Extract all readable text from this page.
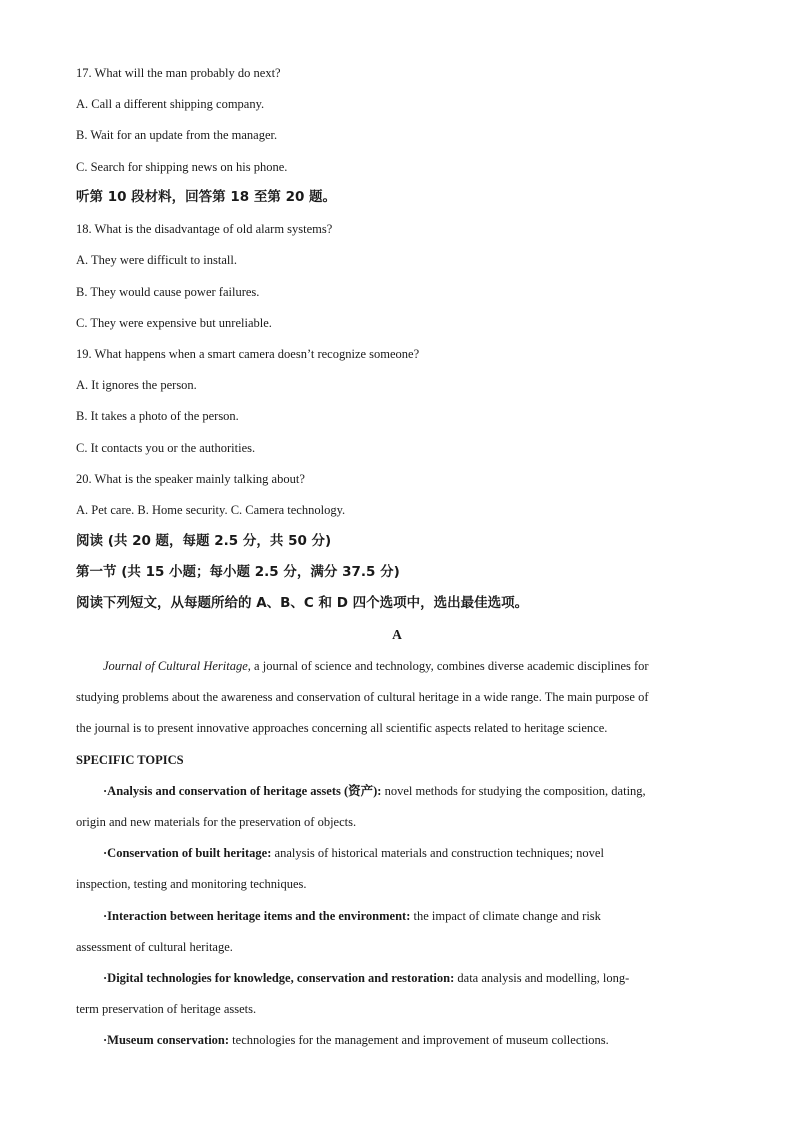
17. What will the man probably do next?
A. Call a different shipping company.
B. Wait for an update from the manager.
C. Search for shipping news on his phone.
听第 10 段材料，回答第 18 至第 20 题。
18. What is the disadvantage of old alarm systems?
A. They were difficult to install.
B. They would cause power failures.
C. They were expensive but unreliable.
19. What happens when a smart camera doesn’t recognize someone?
A. It ignores the person.
B. It takes a photo of the person.
C. It contacts you or the authorities.
20. What is the speaker mainly talking about?
A. Pet care. B. Home security. C. Camera technology.
阅读 (共 20 题，每题 2.5 分，共 50 分)
第一节 (共 15 小题；每小题 2.5 分，满分 37.5 分)
阅读下列短文，从每题所给的 A、B、C 和 D 四个选项中，选出最佳选项。
A
Journal of Cultural Heritage, a journal of science and technology, combines diverse academic disciplines for
studying problems about the awareness and conservation of cultural heritage in a wide range. The main purpose of
the journal is to present innovative approaches concerning all scientific aspects related to heritage science.
SPECIFIC TOPICS
·Analysis and conservation of heritage assets (资产): novel methods for studying the composition, dating,
origin and new materials for the preservation of objects.
·Conservation of built heritage: analysis of historical materials and construction techniques; novel
inspection, testing and monitoring techniques.
·Interaction between heritage items and the environment: the impact of climate change and risk
assessment of cultural heritage.
·Digital technologies for knowledge, conservation and restoration: data analysis and modelling, long-
term preservation of heritage assets.
·Museum conservation: technologies for the management and improvement of museum collections.
